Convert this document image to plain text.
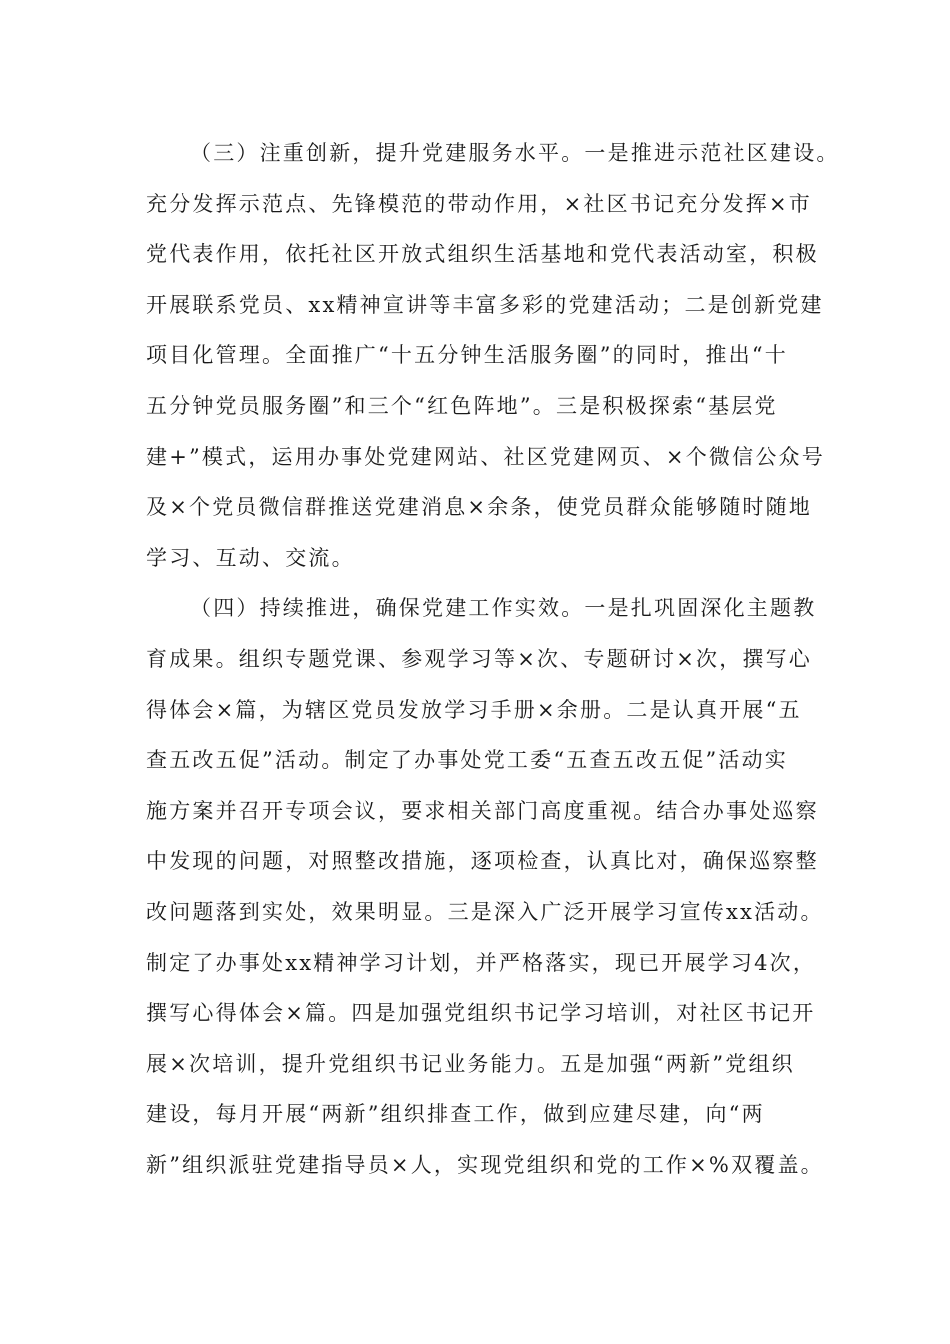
（三）注重创新，提升党建服务水平。一是推进示范社区建设。
充分发挥示范点、先锋模范的带动作用，×社区书记充分发挥×市
党代表作用，依托社区开放式组织生活基地和党代表活动室，积极
开展联系党员、xx精神宣讲等丰富多彩的党建活动；二是创新党建
项目化管理。全面推广“十五分钟生活服务圈”的同时，推出“十
五分钟党员服务圈”和三个“红色阵地”。三是积极探索“基层党
建+”模式，运用办事处党建网站、社区党建网页、×个微信公众号
及×个党员微信群推送党建消息×余条，使党员群众能够随时随地
学习、互动、交流。
（四）持续推进，确保党建工作实效。一是扎巩固深化主题教
育成果。组织专题党课、参观学习等×次、专题研讨×次，撰写心
得体会×篇，为辖区党员发放学习手册×余册。二是认真开展“五
查五改五促”活动。制定了办事处党工委“五查五改五促”活动实
施方案并召开专项会议，要求相关部门高度重视。结合办事处巡察
中发现的问题，对照整改措施，逐项检查，认真比对，确保巡察整
改问题落到实处，效果明显。三是深入广泛开展学习宣传xx活动。
制定了办事处xx精神学习计划，并严格落实，现已开展学习4次，
撰写心得体会×篇。四是加强党组织书记学习培训，对社区书记开
展×次培训，提升党组织书记业务能力。五是加强“两新”党组织
建设，每月开展“两新”组织排查工作，做到应建尽建，向“两
新”组织派驻党建指导员×人，实现党组织和党的工作×%双覆盖。
